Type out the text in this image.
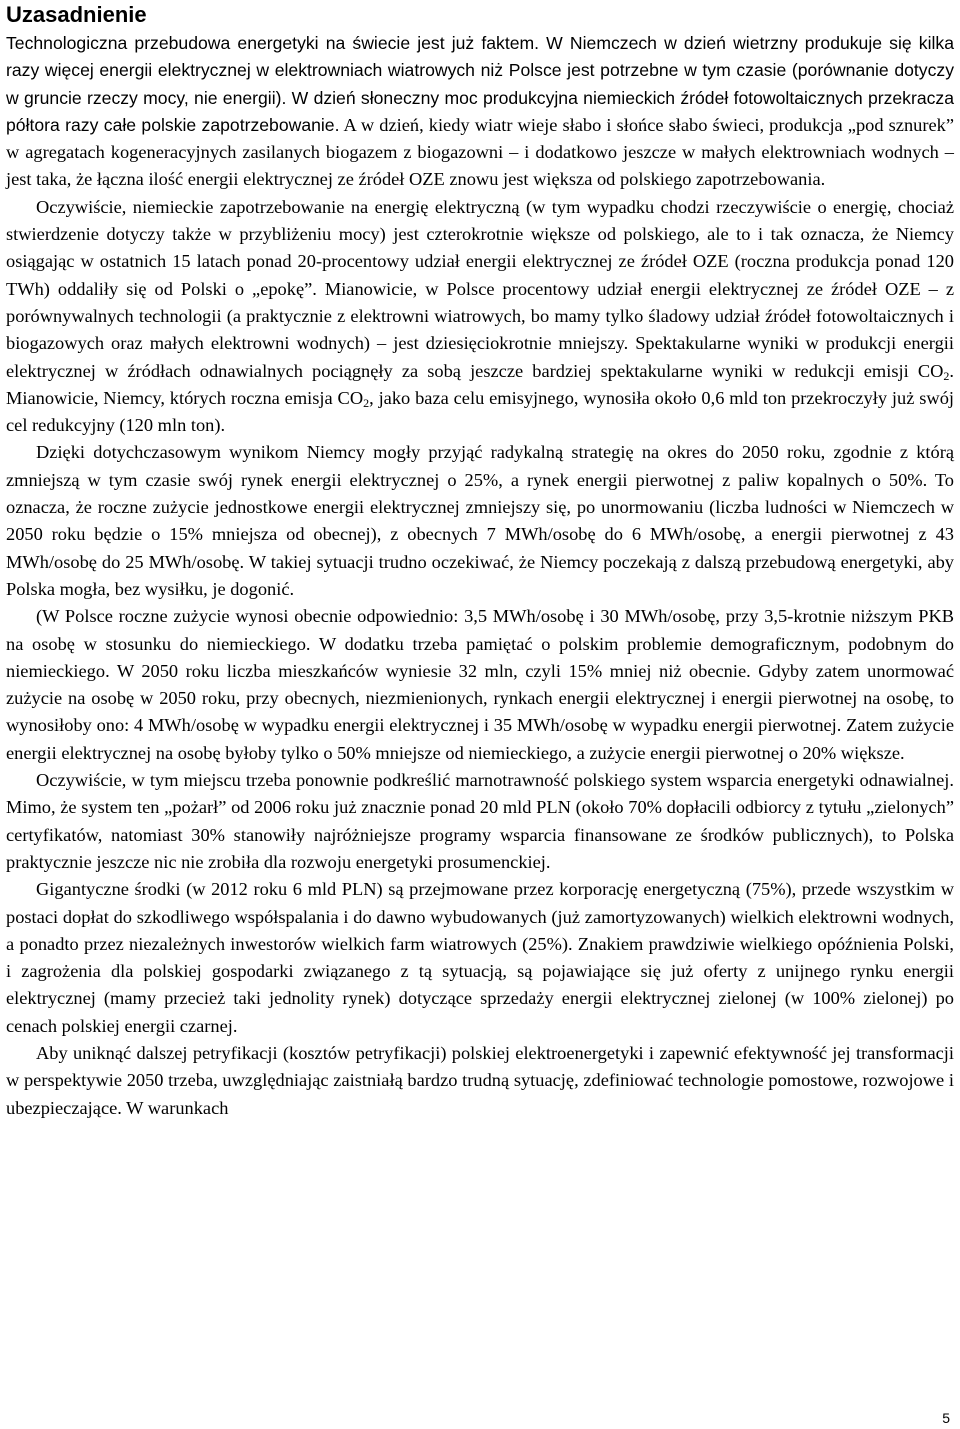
Uzasadnienie

Technologiczna przebudowa energetyki na świecie jest już faktem. W Niemczech w dzień wietrzny produkuje się kilka razy więcej energii elektrycznej w elektrowniach wiatrowych niż Polsce jest potrzebne w tym czasie (porównanie dotyczy w gruncie rzeczy mocy, nie energii). W dzień słoneczny moc produkcyjna niemieckich źródeł fotowoltaicznych przekracza półtora razy całe polskie zapotrzebowanie. A w dzień, kiedy wiatr wieje słabo i słońce słabo świeci, produkcja „pod sznurek” w agregatach kogeneracyjnych zasilanych biogazem z biogazowni – i dodatkowo jeszcze w małych elektrowniach wodnych – jest taka, że łączna ilość energii elektrycznej ze źródeł OZE znowu jest większa od polskiego zapotrzebowania.

Oczywiście, niemieckie zapotrzebowanie na energię elektryczną (w tym wypadku chodzi rzeczywiście o energię, chociaż stwierdzenie dotyczy także w przybliżeniu mocy) jest czterokrotnie większe od polskiego, ale to i tak oznacza, że Niemcy osiągając w ostatnich 15 latach ponad 20-procentowy udział energii elektrycznej ze źródeł OZE (roczna produkcja ponad 120 TWh) oddaliły się od Polski o „epokę”. Mianowicie, w Polsce procentowy udział energii elektrycznej ze źródeł OZE – z porównywalnych technologii (a praktycznie z elektrowni wiatrowych, bo mamy tylko śladowy udział źródeł fotowoltaicznych i biogazowych oraz małych elektrowni wodnych) – jest dziesięciokrotnie mniejszy. Spektakularne wyniki w produkcji energii elektrycznej w źródłach odnawialnych pociągnęły za sobą jeszcze bardziej spektakularne wyniki w redukcji emisji $CO_2$. Mianowicie, Niemcy, których roczna emisja $CO_2$, jako baza celu emisyjnego, wynosiła około 0,6 mld ton przekroczyły już swój cel redukcyjny (120 mln ton).

Dzięki dotychczasowym wynikom Niemcy mogły przyjąć radykalną strategię na okres do 2050 roku, zgodnie z którą zmniejszą w tym czasie swój rynek energii elektrycznej o 25%, a rynek energii pierwotnej z paliw kopalnych o 50%. To oznacza, że roczne zużycie jednostkowe energii elektrycznej zmniejszy się, po unormowaniu (liczba ludności w Niemczech w 2050 roku będzie o 15% mniejsza od obecnej), z obecnych 7 MWh/osobę do 6 MWh/osobę, a energii pierwotnej z 43 MWh/osobę do 25 MWh/osobę. W takiej sytuacji trudno oczekiwać, że Niemcy poczekają z dalszą przebudową energetyki, aby Polska mogła, bez wysiłku, je dogonić.

(W Polsce roczne zużycie wynosi obecnie odpowiednio: 3,5 MWh/osobę i 30 MWh/osobę, przy 3,5-krotnie niższym PKB na osobę w stosunku do niemieckiego. W dodatku trzeba pamiętać o polskim problemie demograficznym, podobnym do niemieckiego. W 2050 roku liczba mieszkańców wyniesie 32 mln, czyli 15% mniej niż obecnie. Gdyby zatem unormować zużycie na osobę w 2050 roku, przy obecnych, niezmienionych, rynkach energii elektrycznej i energii pierwotnej na osobę, to wynosiłoby ono: 4 MWh/osobę w wypadku energii elektrycznej i 35 MWh/osobę w wypadku energii pierwotnej. Zatem zużycie energii elektrycznej na osobę byłoby tylko o 50% mniejsze od niemieckiego, a zużycie energii pierwotnej o 20% większe.

Oczywiście, w tym miejscu trzeba ponownie podkreślić marnotrawność polskiego system wsparcia energetyki odnawialnej. Mimo, że system ten „pożarł” od 2006 roku już znacznie ponad 20 mld PLN (około 70% dopłacili odbiorcy z tytułu „zielonych” certyfikatów, natomiast 30% stanowiły najróżniejsze programy wsparcia finansowane ze środków publicznych), to Polska praktycznie jeszcze nic nie zrobiła dla rozwoju energetyki prosumenckiej.

Gigantyczne środki (w 2012 roku 6 mld PLN) są przejmowane przez korporację energetyczną (75%), przede wszystkim w postaci dopłat do szkodliwego współspalania i do dawno wybudowanych (już zamortyzowanych) wielkich elektrowni wodnych, a ponadto przez niezależnych inwestorów wielkich farm wiatrowych (25%). Znakiem prawdziwie wielkiego opóźnienia Polski, i zagrożenia dla polskiej gospodarki związanego z tą sytuacją, są pojawiające się już oferty z unijnego rynku energii elektrycznej (mamy przecież taki jednolity rynek) dotyczące sprzedaży energii elektrycznej zielonej (w 100% zielonej) po cenach polskiej energii czarnej.

Aby uniknąć dalszej petryfikacji (kosztów petryfikacji) polskiej elektroenergetyki i zapewnić efektywność jej transformacji w perspektywie 2050 trzeba, uwzględniając zaistniałą bardzo trudną sytuację, zdefiniować technologie pomostowe, rozwojowe i ubezpieczające. W warunkach

5
